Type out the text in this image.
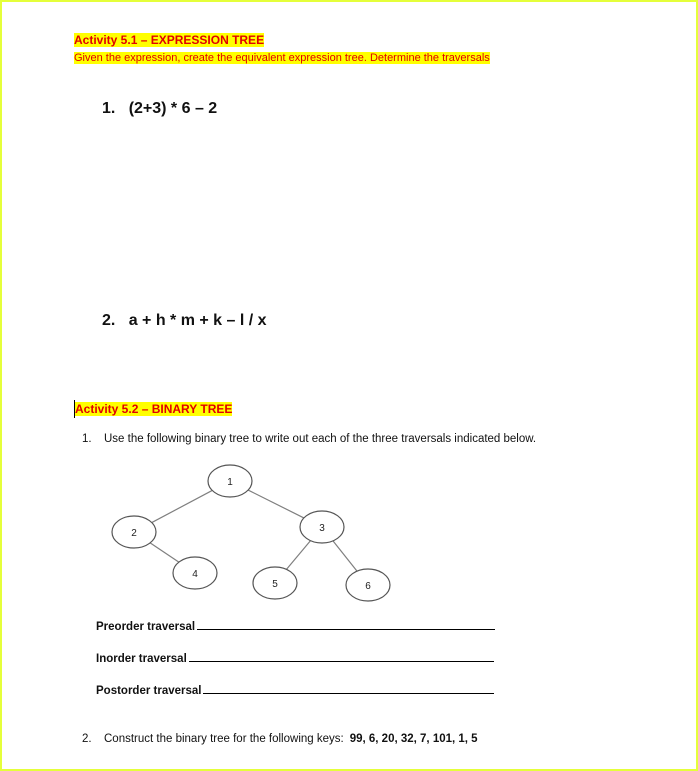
Activity 5.1 – EXPRESSION TREE
Given the expression, create the equivalent expression tree. Determine the traversals
1. (2+3) * 6 – 2
2. a + h * m + k – l / x
Activity 5.2 – BINARY TREE
1. Use the following binary tree to write out each of the three traversals indicated below.
1
2	3
4
5	6
Preorder traversal
Inorder traversal
Postorder traversal
2. Construct the binary tree for the following keys: 99, 6, 20, 32, 7, 101, 1, 5
